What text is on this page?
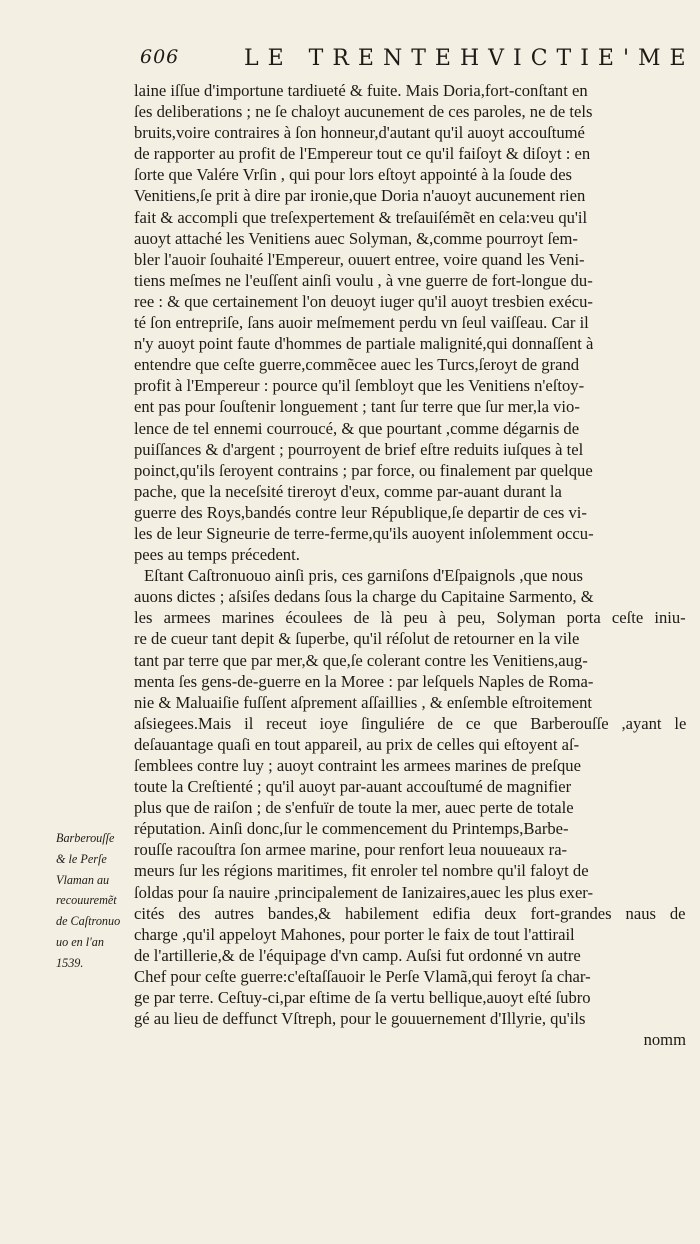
606	LE TRENTEHVICTIE'ME
Barberouſſe
& le Perſe
Vlaman au
recouuremẽt
de Caſtronuo
uo en l'an
1539.
laine iſſue d'importune tardiueté & fuite. Mais Doria,fort-conſtant en
ſes deliberations ; ne ſe chaloyt aucunement de ces paroles, ne de tels
bruits,voire contraires à ſon honneur,d'autant qu'il auoyt accouſtumé
de rapporter au profit de l'Empereur tout ce qu'il faiſoyt & diſoyt : en
ſorte que Valére Vrſin , qui pour lors eſtoyt appointé à la ſoude des
Venitiens,ſe prit à dire par ironie,que Doria n'auoyt aucunement rien
fait & accompli que treſexpertement & treſauiſémẽt en cela:veu qu'il
auoyt attaché les Venitiens auec Solyman, &,comme pourroyt ſem-
bler l'auoir ſouhaité l'Empereur, ouuert entree, voire quand les Veni-
tiens meſmes ne l'euſſent ainſi voulu , à vne guerre de fort-longue du-
ree : & que certainement l'on deuoyt iuger qu'il auoyt tresbien exécu-
té ſon entrepriſe, ſans auoir meſmement perdu vn ſeul vaiſſeau. Car il
n'y auoyt point faute d'hommes de partiale malignité,qui donnaſſent à
entendre que ceſte guerre,commẽcee auec les Turcs,ſeroyt de grand
profit à l'Empereur : pource qu'il ſembloyt que les Venitiens n'eſtoy-
ent pas pour ſouſtenir longuement ; tant ſur terre que ſur mer,la vio-
lence de tel ennemi courroucé, & que pourtant ,comme dégarnis de
puiſſances & d'argent ; pourroyent de brief eſtre reduits iuſques à tel
poinct,qu'ils ſeroyent contrains ; par force, ou finalement par quelque
pache, que la neceſsité tireroyt d'eux, comme par-auant durant la
guerre des Roys,bandés contre leur République,ſe departir de ces vi-
les de leur Signeurie de terre-ferme,qu'ils auoyent inſolemment occu-
pees au temps précedent.
Eſtant Caſtronuouo ainſi pris, ces garniſons d'Eſpaignols ,que nous
auons dictes ; aſsiſes dedans ſous la charge du Capitaine Sarmento, &
les armees marines écoulees de là peu à peu, Solyman porta ceſte iniu-
re de cueur tant depit & ſuperbe, qu'il réſolut de retourner en la vile
tant par terre que par mer,& que,ſe colerant contre les Venitiens,aug-
menta ſes gens-de-guerre en la Moree : par leſquels Naples de Roma-
nie & Maluaiſie fuſſent aſprement aſſaillies , & enſemble eſtroitement
aſsiegees.Mais il receut ioye ſinguliére de ce que Barberouſſe ,ayant le
deſauantage quaſi en tout appareil, au prix de celles qui eſtoyent aſ-
ſemblees contre luy ; auoyt contraint les armees marines de preſque
toute la Creſtienté ; qu'il auoyt par-auant accouſtumé de magnifier
plus que de raiſon ; de s'enfuïr de toute la mer, auec perte de totale
réputation. Ainſi donc,ſur le commencement du Printemps,Barbe-
rouſſe racouſtra ſon armee marine, pour renfort leua nouueaux ra-
meurs ſur les régions maritimes, fit enroler tel nombre qu'il faloyt de
ſoldas pour ſa nauire ,principalement de Ianizaires,auec les plus exer-
cités des autres bandes,& habilement edifia deux fort-grandes naus de
charge ,qu'il appeloyt Mahones, pour porter le faix de tout l'attirail
de l'artillerie,& de l'équipage d'vn camp. Auſsi fut ordonné vn autre
Chef pour ceſte guerre:c'eſtaſſauoir le Perſe Vlamã,qui feroyt ſa char-
ge par terre. Ceſtuy-ci,par eſtime de ſa vertu bellique,auoyt eſté ſubro
gé au lieu de deffunct Vſtreph, pour le gouuernement d'Illyrie, qu'ils
nomm
